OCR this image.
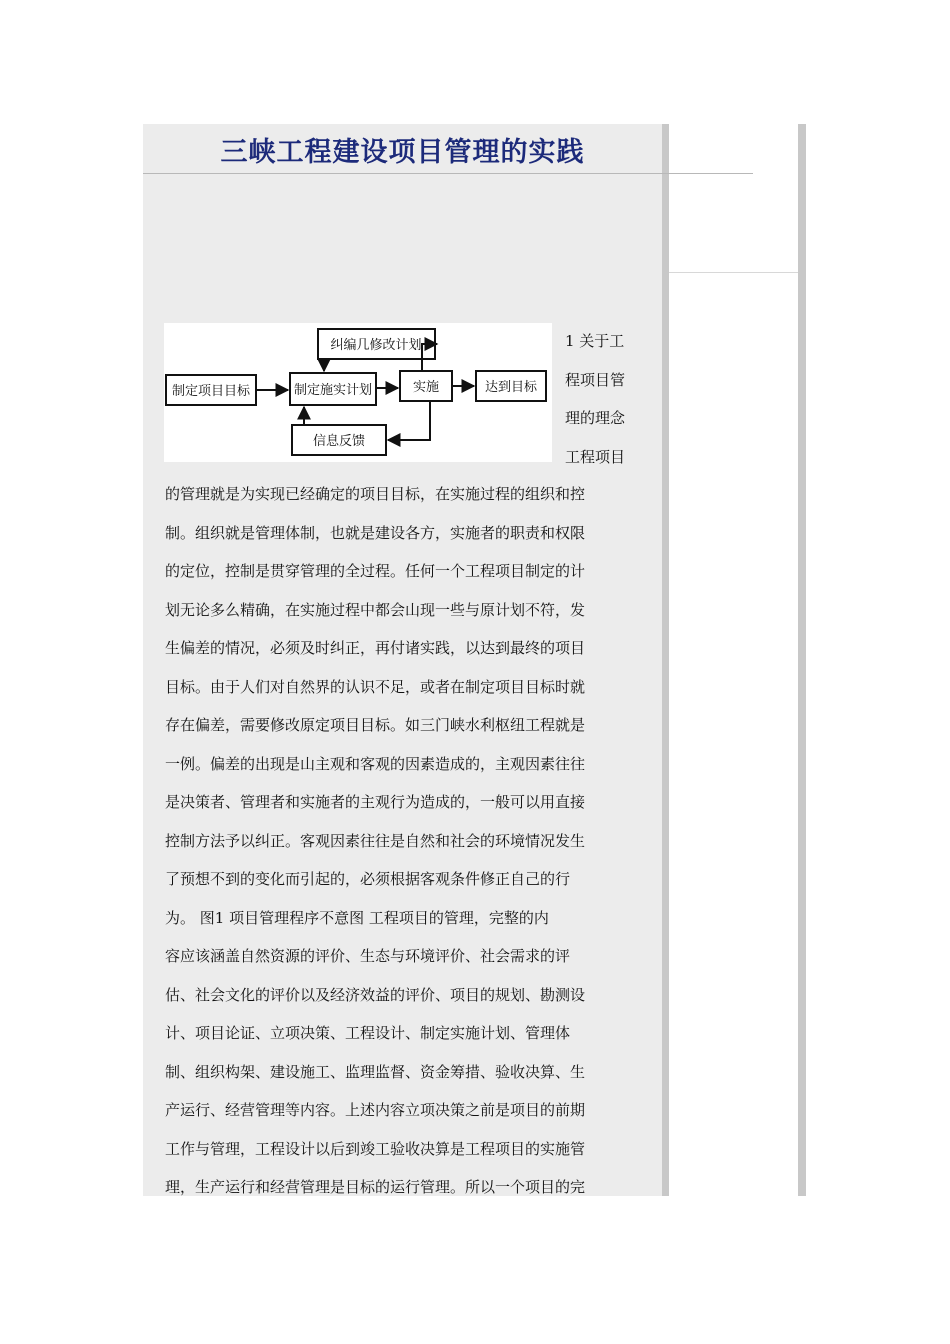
三峡工程建设项目管理的实践
制定项目目标	制定施实计划
纠编几修改计划
实施	达到目标
信息反馈
1 关于工
程项目管
理的理念
工程项目
的管理就是为实现已经确定的项目目标，在实施过程的组织和控
制。组织就是管理体制，也就是建设各方，实施者的职责和权限
的定位，控制是贯穿管理的全过程。任何一个工程项目制定的计
划无论多么精确，在实施过程中都会山现一些与原计划不符，发
生偏差的情况，必须及时纠正，再付诸实践，以达到最终的项目
目标。由于人们对自然界的认识不足，或者在制定项目目标时就
存在偏差，需要修改原定项目目标。如三门峡水利枢纽工程就是
一例。偏差的出现是山主观和客观的因素造成的，主观因素往往
是决策者、管理者和实施者的主观行为造成的，一般可以用直接
控制方法予以纠正。客观因素往往是自然和社会的环境情况发生
了预想不到的变化而引起的，必须根据客观条件修正自己的行
为。 图1 项目管理程序不意图 工程项目的管理，完整的内
容应该涵盖自然资源的评价、生态与环境评价、社会需求的评
估、社会文化的评价以及经济效益的评价、项目的规划、勘测设
计、项目论证、立项决策、工程设计、制定实施计划、管理体
制、组织构架、建设施工、监理监督、资金筹措、验收决算、生
产运行、经营管理等内容。上述内容立项决策之前是项目的前期
工作与管理，工程设计以后到竣工验收决算是工程项目的实施管
理，生产运行和经营管理是目标的运行管理。所以一个项目的完
